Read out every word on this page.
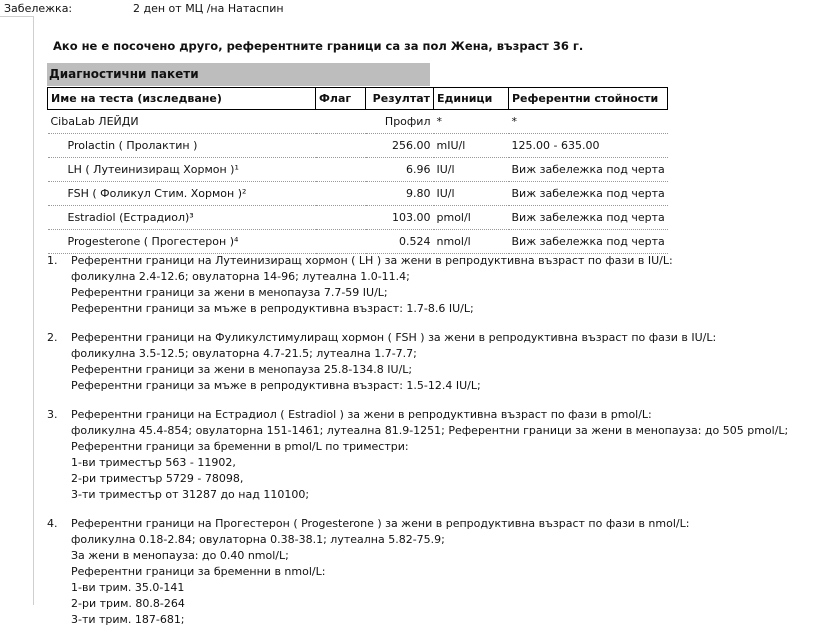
Забележка:	2 ден от МЦ /на Натаспин
Ако не е посочено друго, референтните граници са за пол Жена, възраст 36 г.
Диагностични пакети
Име на теста (изследване)	Флаг	Резултат	Единици	Референтни стойности
CibaLab ЛЕЙДИ		Профил	*	*
Prolactin ( Пролактин )		256.00	mIU/l	125.00 - 635.00
LH ( Лутеинизиращ Хормон )¹		6.96	IU/l	Виж забележка под черта
FSH ( Фоликул Стим. Хормон )²		9.80	IU/l	Виж забележка под черта
Estradiol (Естрадиол)³		103.00	pmol/l	Виж забележка под черта
Progesterone ( Прогестерон )⁴		0.524	nmol/l	Виж забележка под черта
1. Референтни граници на Лутеинизиращ хормон ( LH ) за жени в репродуктивна възраст по фази в IU/L:
фоликулна 2.4-12.6; овулаторна 14-96; лутеална 1.0-11.4;
Референтни граници за жени в менопауза 7.7-59 IU/L;
Референтни граници за мъже в репродуктивна възраст: 1.7-8.6 IU/L;
2. Референтни граници на Фуликулстимулиращ хормон ( FSH ) за жени в репродуктивна възраст по фази в IU/L:
фоликулна 3.5-12.5; овулаторна 4.7-21.5; лутеална 1.7-7.7;
Референтни граници за жени в менопауза 25.8-134.8 IU/L;
Референтни граници за мъже в репродуктивна възраст: 1.5-12.4 IU/L;
3. Референтни граници на Естрадиол ( Estradiol ) за жени в репродуктивна възраст по фази в pmol/L:
фоликулна 45.4-854; овулаторна 151-1461; лутеална 81.9-1251; Референтни граници за жени в менопауза: до 505 pmol/L;
Референтни граници за бременни в pmol/L по триместри:
1-ви триместър 563 - 11902,
2-ри триместър 5729 - 78098,
3-ти триместър от 31287 до над 110100;
4. Референтни граници на Прогестерон ( Progesterone ) за жени в репродуктивна възраст по фази в nmol/L:
фоликулна 0.18-2.84; овулаторна 0.38-38.1; лутеална 5.82-75.9;
За жени в менопауза: до 0.40 nmol/L;
Референтни граници за бременни в nmol/L:
1-ви трим. 35.0-141
2-ри трим. 80.8-264
3-ти трим. 187-681;
